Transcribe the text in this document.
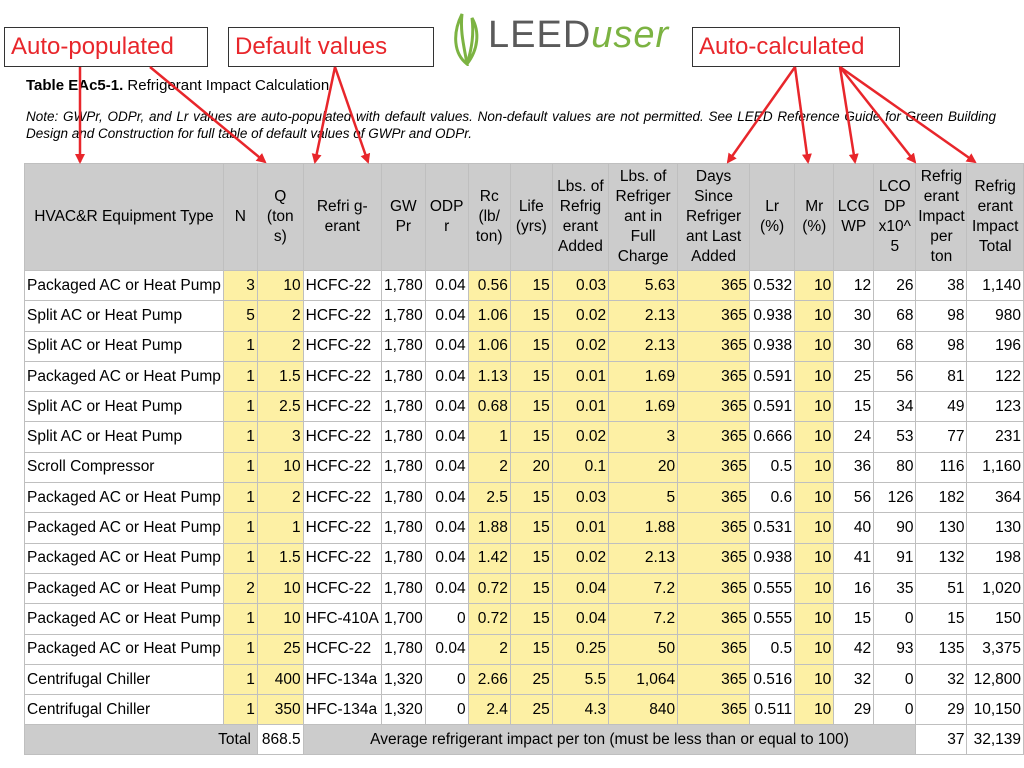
Auto-populated	Default values	Auto-calculated
LEEDuser
Table EAc5-1. Refrigerant Impact Calculation
Note: GWPr, ODPr, and Lr values are auto-populated with default values. Non-default values are not permitted. See LEED Reference Guide for Green Building Design and Construction for full table of default values of GWPr and ODPr.
HVAC&R Equipment Type	N	Q (ton s)	Refri g- erant	GW Pr	ODP r	Rc (lb/ ton)	Life (yrs)	Lbs. of Refrig erant Added	Lbs. of Refriger ant in Full Charge	Days Since Refriger ant Last Added	Lr (%)	Mr (%)	LCG WP	LCO DP x10^ 5	Refrig erant Impact per ton	Refrig erant Impact Total
Packaged AC or Heat Pump	3	10	HCFC-22	1,780	0.04	0.56	15	0.03	5.63	365	0.532	10	12	26	38	1,140
Split AC or Heat Pump	5	2	HCFC-22	1,780	0.04	1.06	15	0.02	2.13	365	0.938	10	30	68	98	980
Split AC or Heat Pump	1	2	HCFC-22	1,780	0.04	1.06	15	0.02	2.13	365	0.938	10	30	68	98	196
Packaged AC or Heat Pump	1	1.5	HCFC-22	1,780	0.04	1.13	15	0.01	1.69	365	0.591	10	25	56	81	122
Split AC or Heat Pump	1	2.5	HCFC-22	1,780	0.04	0.68	15	0.01	1.69	365	0.591	10	15	34	49	123
Split AC or Heat Pump	1	3	HCFC-22	1,780	0.04	1	15	0.02	3	365	0.666	10	24	53	77	231
Scroll Compressor	1	10	HCFC-22	1,780	0.04	2	20	0.1	20	365	0.5	10	36	80	116	1,160
Packaged AC or Heat Pump	1	2	HCFC-22	1,780	0.04	2.5	15	0.03	5	365	0.6	10	56	126	182	364
Packaged AC or Heat Pump	1	1	HCFC-22	1,780	0.04	1.88	15	0.01	1.88	365	0.531	10	40	90	130	130
Packaged AC or Heat Pump	1	1.5	HCFC-22	1,780	0.04	1.42	15	0.02	2.13	365	0.938	10	41	91	132	198
Packaged AC or Heat Pump	2	10	HCFC-22	1,780	0.04	0.72	15	0.04	7.2	365	0.555	10	16	35	51	1,020
Packaged AC or Heat Pump	1	10	HFC-410A	1,700	0	0.72	15	0.04	7.2	365	0.555	10	15	0	15	150
Packaged AC or Heat Pump	1	25	HCFC-22	1,780	0.04	2	15	0.25	50	365	0.5	10	42	93	135	3,375
Centrifugal Chiller	1	400	HFC-134a	1,320	0	2.66	25	5.5	1,064	365	0.516	10	32	0	32	12,800
Centrifugal Chiller	1	350	HFC-134a	1,320	0	2.4	25	4.3	840	365	0.511	10	29	0	29	10,150
Total		868.5	Average refrigerant impact per ton (must be less than or equal to 100)												37	32,139
